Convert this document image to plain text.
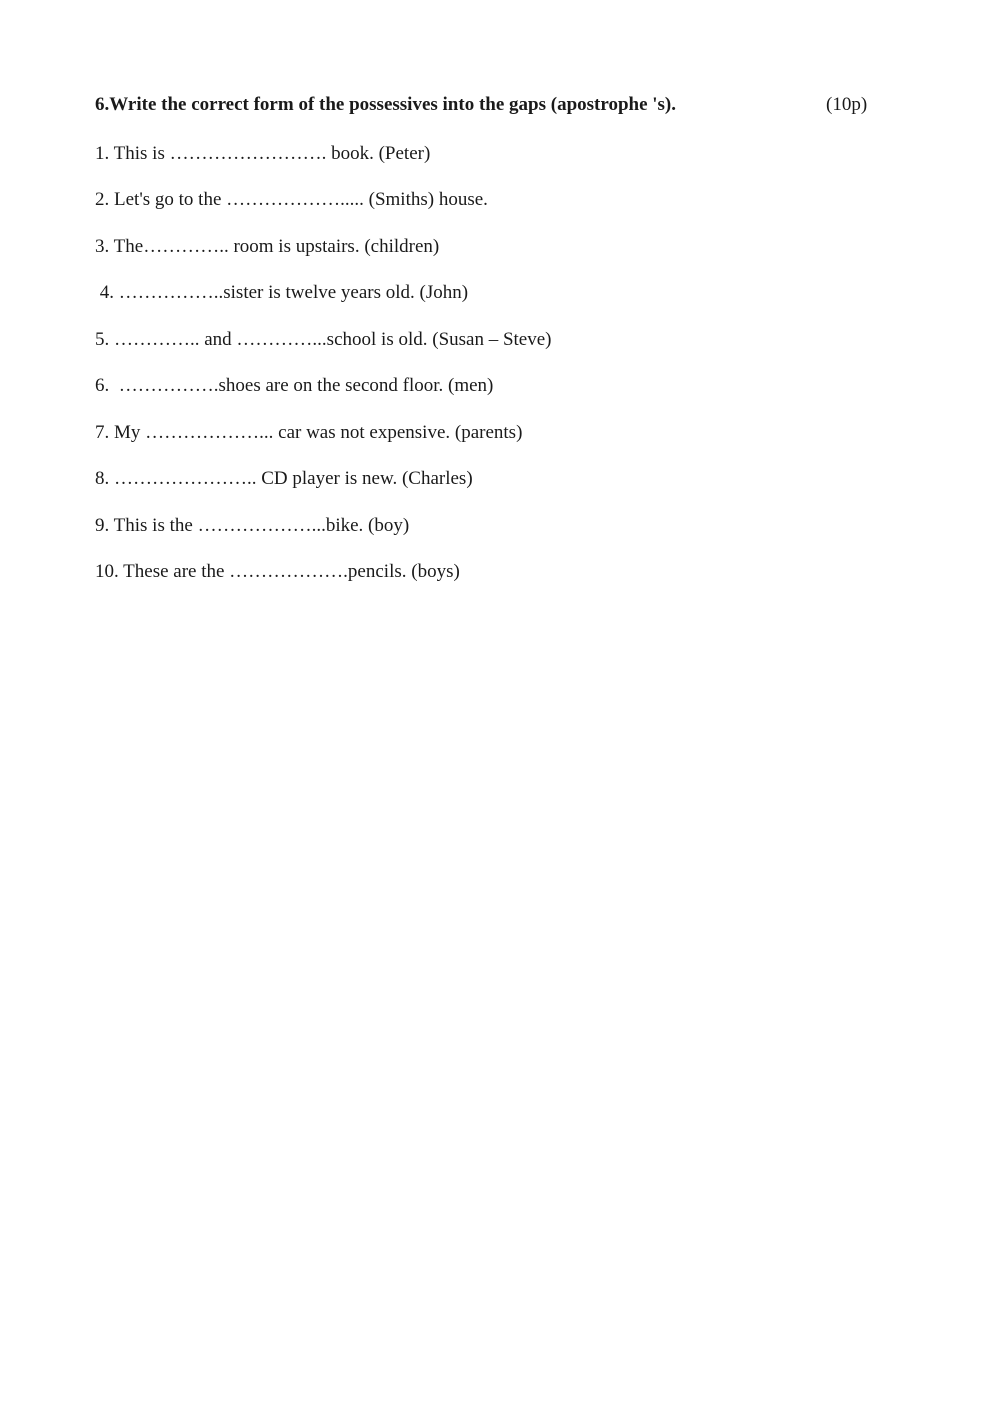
6.Write the correct form of the possessives into the gaps (apostrophe 's).	(10p)
1. This is ……………………. book. (Peter)
2. Let's go to the ………………..... (Smiths) house.
3. The………….. room is upstairs. (children)
4. ……………..sister is twelve years old. (John)
5. ………….. and …………...school is old. (Susan – Steve)
6.  …………….shoes are on the second floor. (men)
7. My ………………... car was not expensive. (parents)
8. ………………….. CD player is new. (Charles)
9. This is the ………………...bike. (boy)
10. These are the ……………….pencils. (boys)
